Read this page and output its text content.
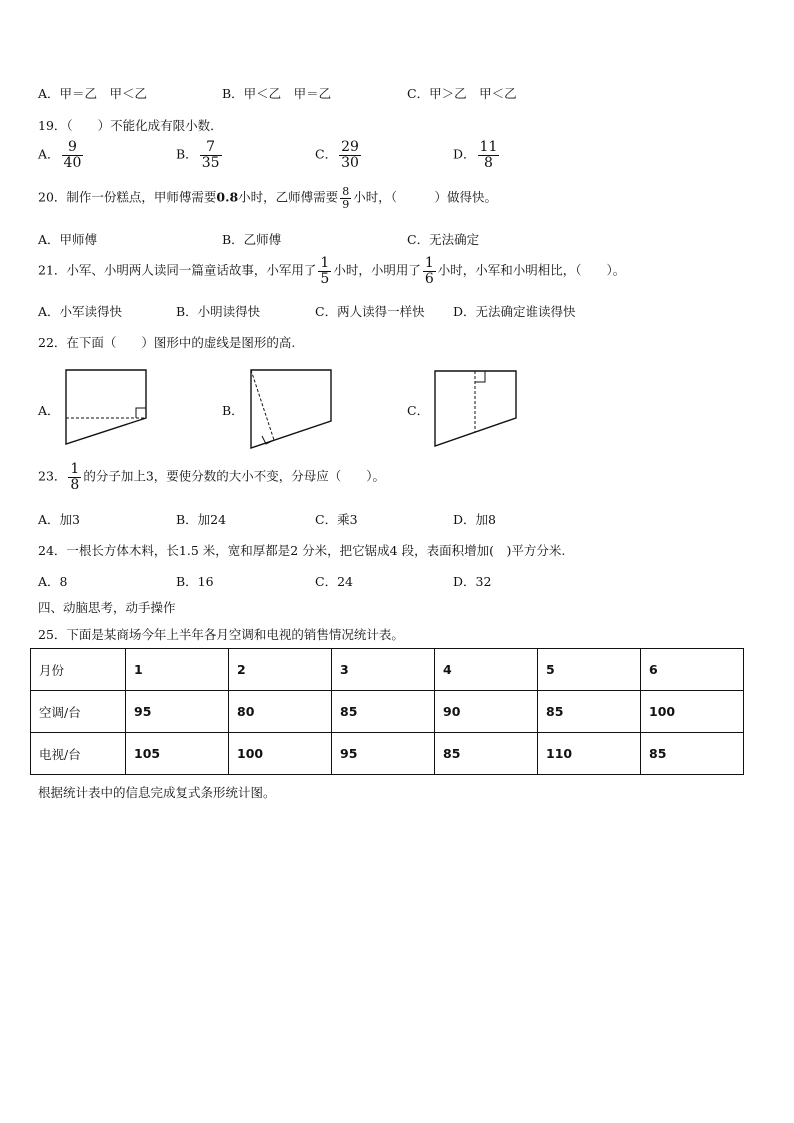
A．甲＝乙　甲＜乙	B．甲＜乙　甲＝乙	C．甲＞乙　甲＜乙
19．（　　）不能化成有限小数．
A． $\frac{9}{40}$	B． $\frac{7}{35}$	C． $\frac{29}{30}$	D． $\frac{11}{8}$
20．制作一份糕点，甲师傅需要0.8小时，乙师傅需要 $\frac{8}{9}$ 小时，（　　　）做得快。
A．甲师傅	B．乙师傅	C．无法确定
21．小军、小明两人读同一篇童话故事，小军用了 $\frac{1}{5}$ 小时，小明用了 $\frac{1}{6}$ 小时，小军和小明相比，（　　）。
A．小军读得快	B．小明读得快	C．两人读得一样快 D．无法确定谁读得快
22．在下面（　　）图形中的虚线是图形的高.
A．	B．	C．
23． $\frac{1}{8}$ 的分子加上3，要使分数的大小不变，分母应（　　）。
A．加3	B．加24	C．乘3	D．加8
24．一根长方体木料，长1.5 米，宽和厚都是2 分米，把它锯成4 段，表面积增加(　)平方分米.
A．8	B．16	C．24	D．32
四、动脑思考，动手操作
25．下面是某商场今年上半年各月空调和电视的销售情况统计表。
月份	1	2	3	4	5	6
空调/台	95	80	85	90	85	100
电视/台	105	100	95	85	110	85
根据统计表中的信息完成复式条形统计图。
